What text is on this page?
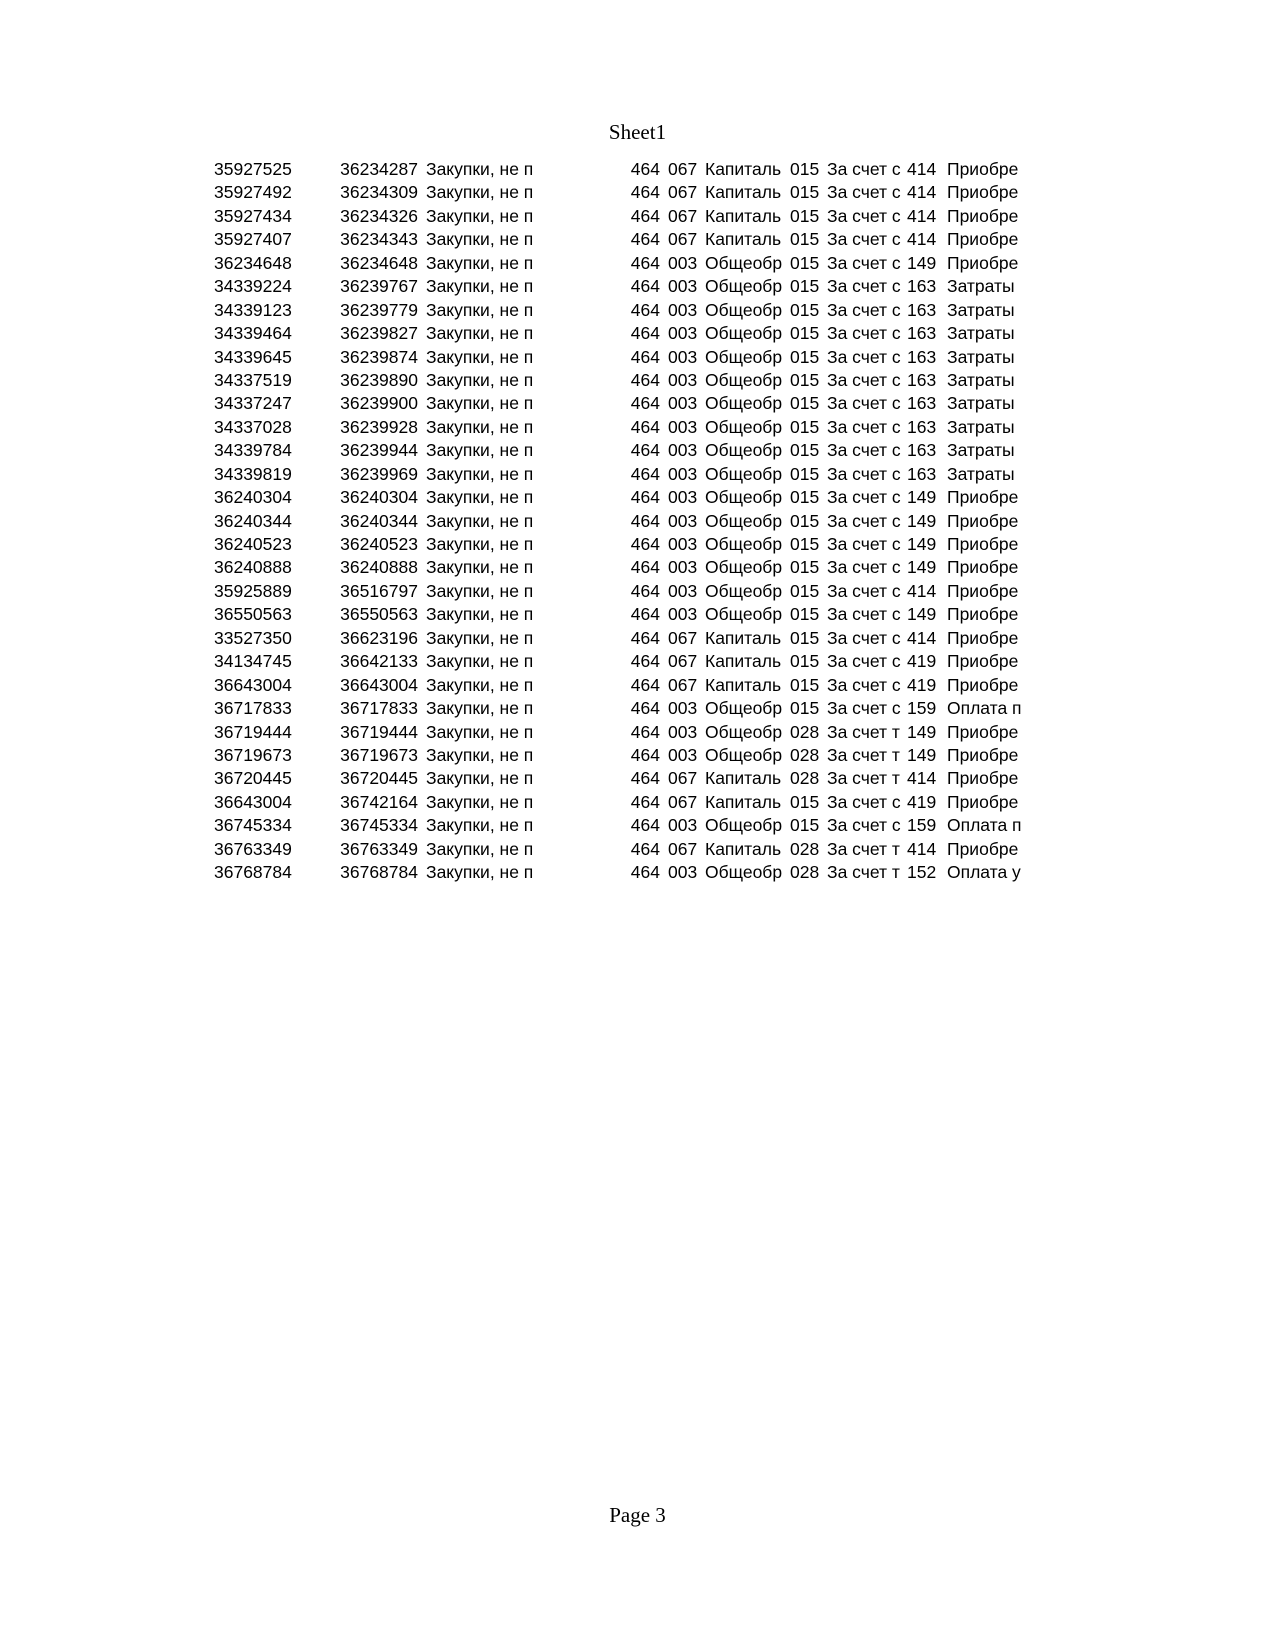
Sheet1
35927525	36234287 Закупки, не п	464 067 Капиталь 015 За счет с 414 Приобре
35927492	36234309 Закупки, не п	464 067 Капиталь 015 За счет с 414 Приобре
35927434	36234326 Закупки, не п	464 067 Капиталь 015 За счет с 414 Приобре
35927407	36234343 Закупки, не п	464 067 Капиталь 015 За счет с 414 Приобре
36234648	36234648 Закупки, не п	464 003 Общеобр 015 За счет с 149 Приобре
34339224	36239767 Закупки, не п	464 003 Общеобр 015 За счет с 163 Затраты
34339123	36239779 Закупки, не п	464 003 Общеобр 015 За счет с 163 Затраты
34339464	36239827 Закупки, не п	464 003 Общеобр 015 За счет с 163 Затраты
34339645	36239874 Закупки, не п	464 003 Общеобр 015 За счет с 163 Затраты
34337519	36239890 Закупки, не п	464 003 Общеобр 015 За счет с 163 Затраты
34337247	36239900 Закупки, не п	464 003 Общеобр 015 За счет с 163 Затраты
34337028	36239928 Закупки, не п	464 003 Общеобр 015 За счет с 163 Затраты
34339784	36239944 Закупки, не п	464 003 Общеобр 015 За счет с 163 Затраты
34339819	36239969 Закупки, не п	464 003 Общеобр 015 За счет с 163 Затраты
36240304	36240304 Закупки, не п	464 003 Общеобр 015 За счет с 149 Приобре
36240344	36240344 Закупки, не п	464 003 Общеобр 015 За счет с 149 Приобре
36240523	36240523 Закупки, не п	464 003 Общеобр 015 За счет с 149 Приобре
36240888	36240888 Закупки, не п	464 003 Общеобр 015 За счет с 149 Приобре
35925889	36516797 Закупки, не п	464 003 Общеобр 015 За счет с 414 Приобре
36550563	36550563 Закупки, не п	464 003 Общеобр 015 За счет с 149 Приобре
33527350	36623196 Закупки, не п	464 067 Капиталь 015 За счет с 414 Приобре
34134745	36642133 Закупки, не п	464 067 Капиталь 015 За счет с 419 Приобре
36643004	36643004 Закупки, не п	464 067 Капиталь 015 За счет с 419 Приобре
36717833	36717833 Закупки, не п	464 003 Общеобр 015 За счет с 159 Оплата п
36719444	36719444 Закупки, не п	464 003 Общеобр 028 За счет т 149 Приобре
36719673	36719673 Закупки, не п	464 003 Общеобр 028 За счет т 149 Приобре
36720445	36720445 Закупки, не п	464 067 Капиталь 028 За счет т 414 Приобре
36643004	36742164 Закупки, не п	464 067 Капиталь 015 За счет с 419 Приобре
36745334	36745334 Закупки, не п	464 003 Общеобр 015 За счет с 159 Оплата п
36763349	36763349 Закупки, не п	464 067 Капиталь 028 За счет т 414 Приобре
36768784	36768784 Закупки, не п	464 003 Общеобр 028 За счет т 152 Оплата у
Page 3
